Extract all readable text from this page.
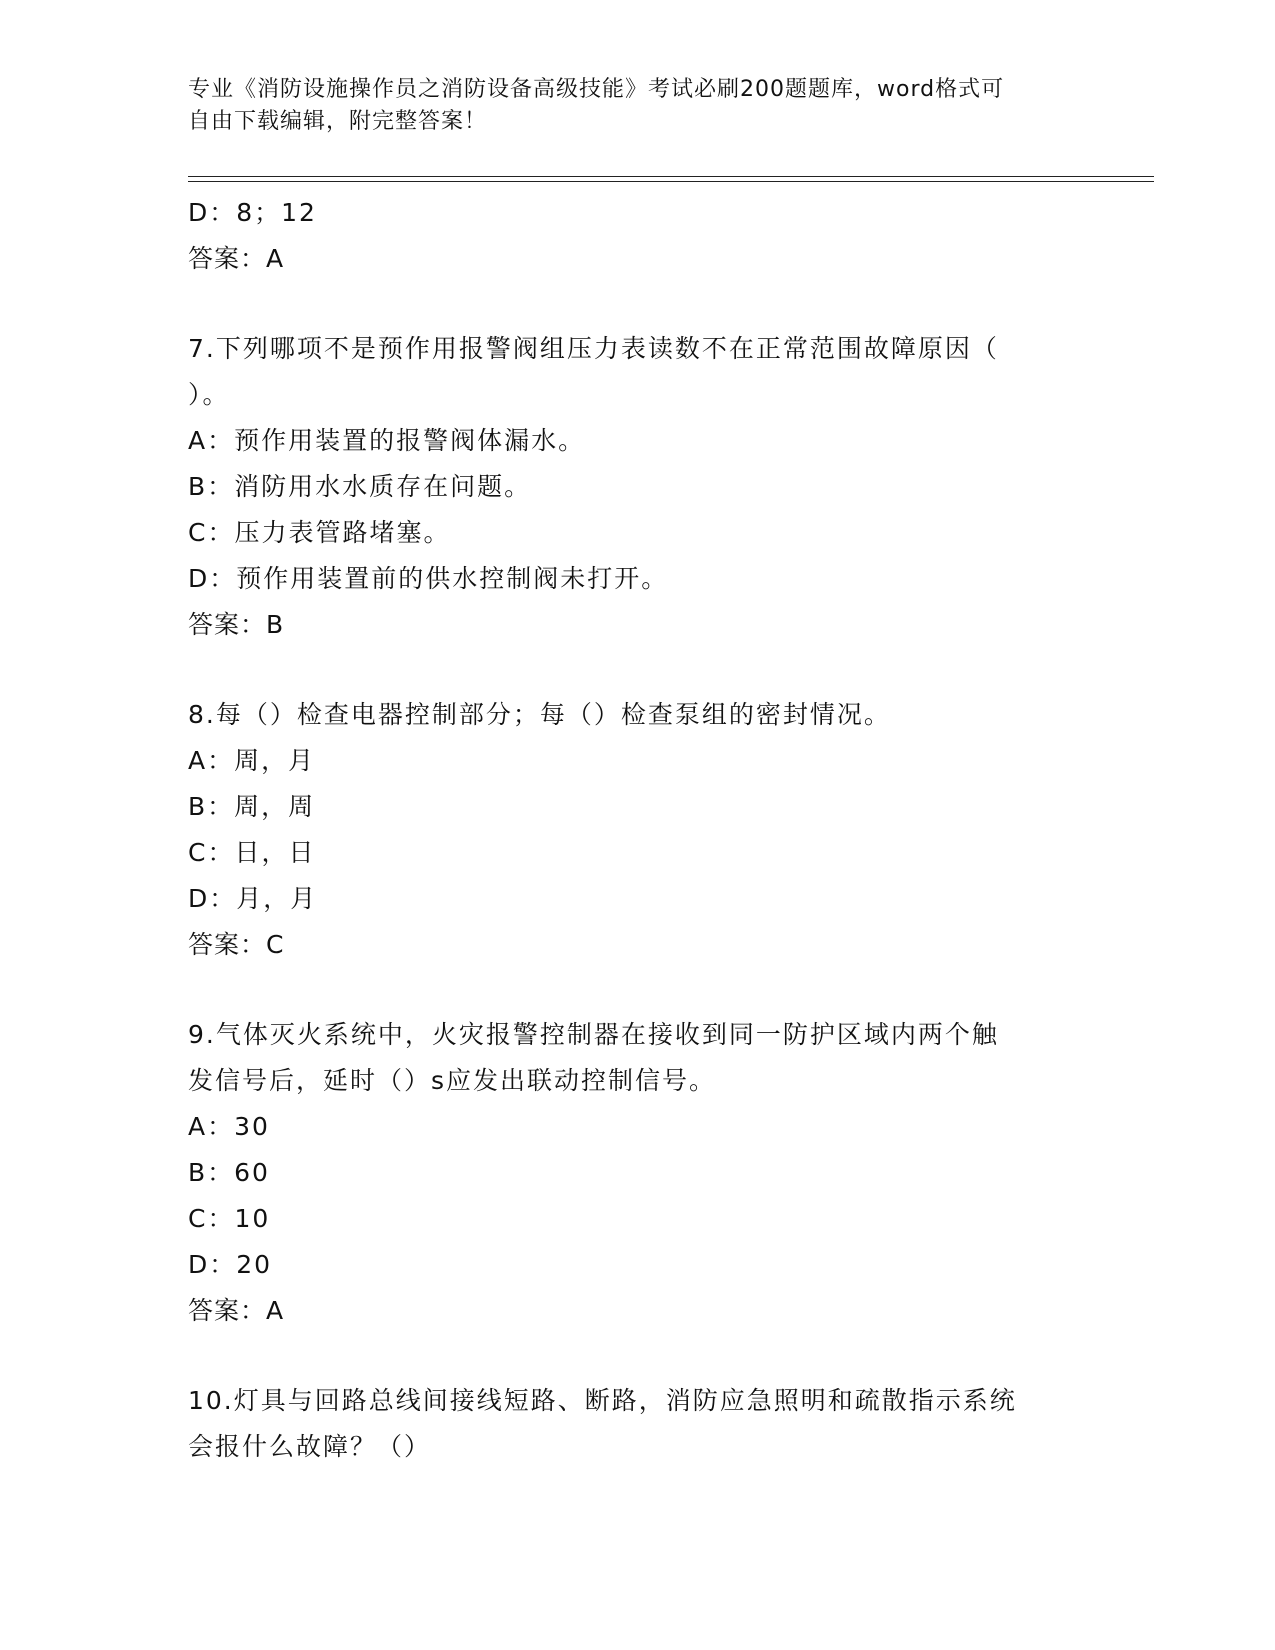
专业《消防设施操作员之消防设备高级技能》考试必刷200题题库，word格式可
自由下载编辑，附完整答案！
D：8；12
答案：A
7.下列哪项不是预作用报警阀组压力表读数不在正常范围故障原因（
）。
A：预作用装置的报警阀体漏水。
B：消防用水水质存在问题。
C：压力表管路堵塞。
D：预作用装置前的供水控制阀未打开。
答案：B
8.每（）检查电器控制部分；每（）检查泵组的密封情况。
A：周，月
B：周，周
C：日，日
D：月，月
答案：C
9.气体灭火系统中，火灾报警控制器在接收到同一防护区域内两个触
发信号后，延时（）s应发出联动控制信号。
A：30
B：60
C：10
D：20
答案：A
10.灯具与回路总线间接线短路、断路，消防应急照明和疏散指示系统
会报什么故障？（）
